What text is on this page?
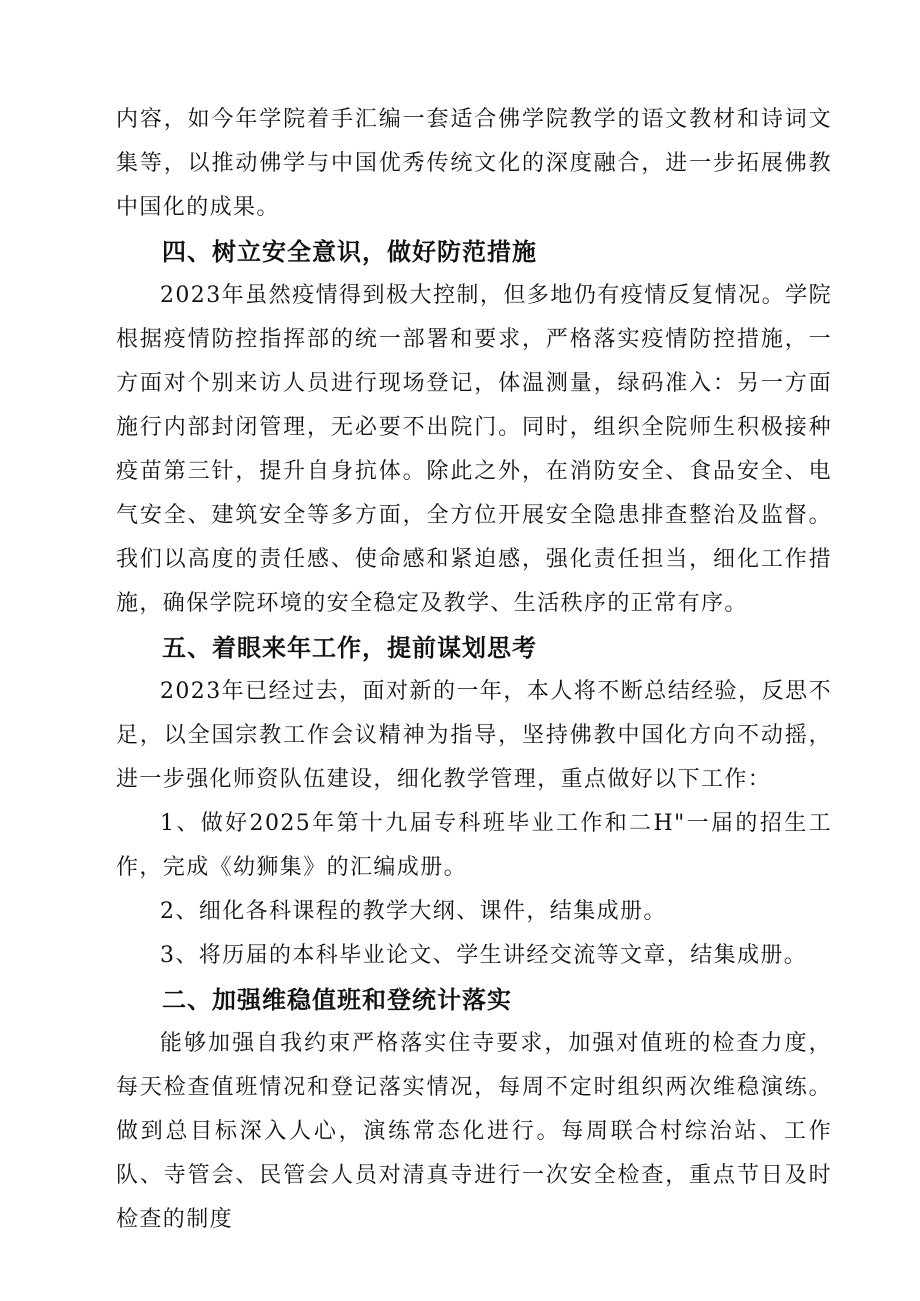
内容，如今年学院着手汇编一套适合佛学院教学的语文教材和诗词文集等，以推动佛学与中国优秀传统文化的深度融合，进一步拓展佛教中国化的成果。

四、树立安全意识，做好防范措施

2023年虽然疫情得到极大控制，但多地仍有疫情反复情况。学院根据疫情防控指挥部的统一部署和要求，严格落实疫情防控措施，一方面对个别来访人员进行现场登记，体温测量，绿码准入：另一方面施行内部封闭管理，无必要不出院门。同时，组织全院师生积极接种疫苗第三针，提升自身抗体。除此之外，在消防安全、食品安全、电气安全、建筑安全等多方面，全方位开展安全隐患排查整治及监督。我们以高度的责任感、使命感和紧迫感，强化责任担当，细化工作措施，确保学院环境的安全稳定及教学、生活秩序的正常有序。

五、着眼来年工作，提前谋划思考

2023年已经过去，面对新的一年，本人将不断总结经验，反思不足，以全国宗教工作会议精神为指导，坚持佛教中国化方向不动摇，进一步强化师资队伍建设，细化教学管理，重点做好以下工作：

1、做好2025年第十九届专科班毕业工作和二H"一届的招生工作，完成《幼狮集》的汇编成册。

2、细化各科课程的教学大纲、课件，结集成册。

3、将历届的本科毕业论文、学生讲经交流等文章，结集成册。

二、加强维稳值班和登统计落实

能够加强自我约束严格落实住寺要求，加强对值班的检查力度，每天检查值班情况和登记落实情况，每周不定时组织两次维稳演练。做到总目标深入人心，演练常态化进行。每周联合村综治站、工作队、寺管会、民管会人员对清真寺进行一次安全检查，重点节日及时检查的制度
